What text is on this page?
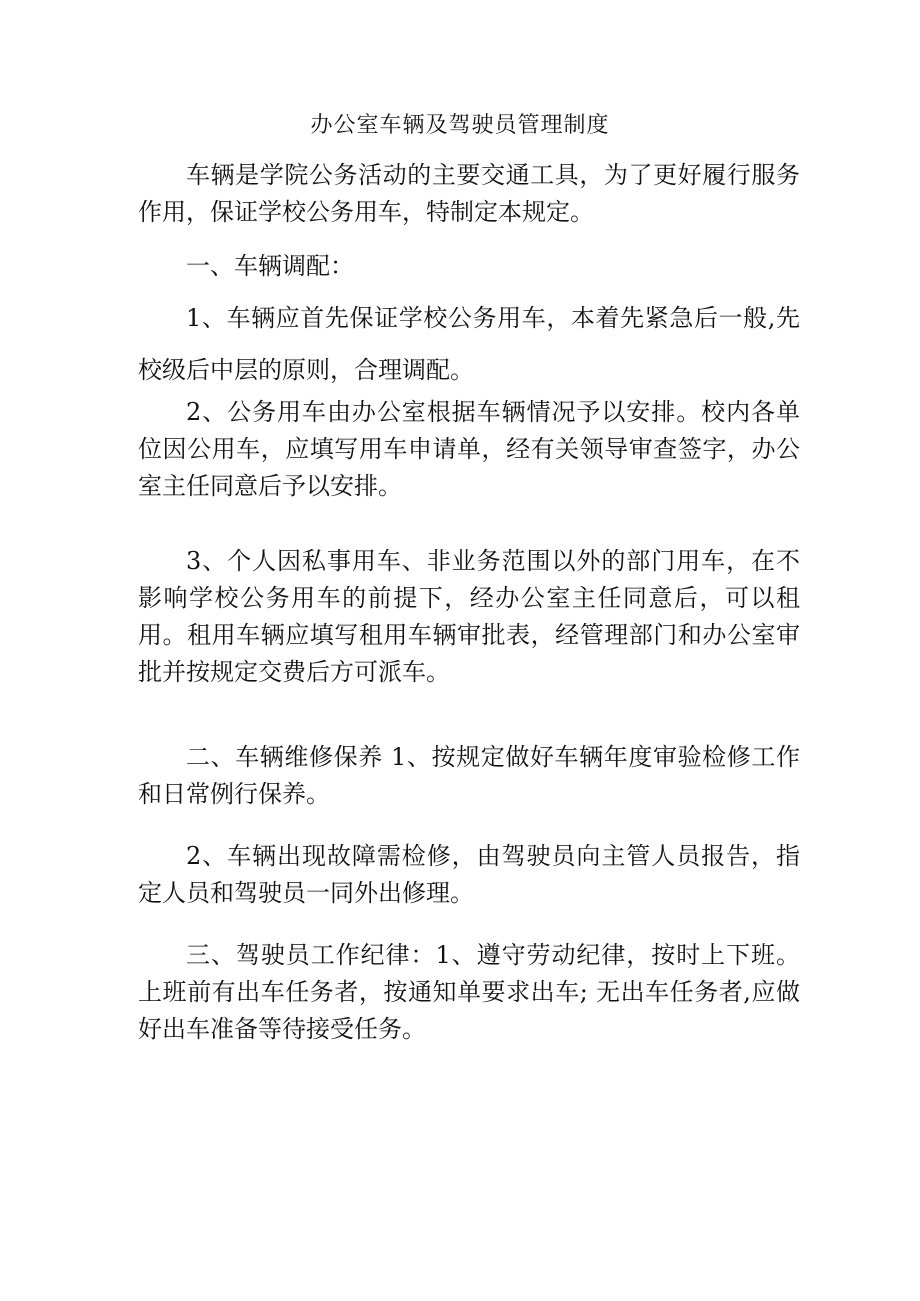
办公室车辆及驾驶员管理制度

车辆是学院公务活动的主要交通工具，为了更好履行服务作用，保证学校公务用车，特制定本规定。

一、车辆调配：

1、车辆应首先保证学校公务用车，本着先紧急后一般,先校级后中层的原则，合理调配。

2、公务用车由办公室根据车辆情况予以安排。校内各单位因公用车，应填写用车申请单，经有关领导审查签字，办公室主任同意后予以安排。

3、个人因私事用车、非业务范围以外的部门用车，在不影响学校公务用车的前提下，经办公室主任同意后，可以租用。租用车辆应填写租用车辆审批表，经管理部门和办公室审批并按规定交费后方可派车。

二、车辆维修保养 1、按规定做好车辆年度审验检修工作和日常例行保养。

2、车辆出现故障需检修，由驾驶员向主管人员报告，指定人员和驾驶员一同外出修理。

三、驾驶员工作纪律：1、遵守劳动纪律，按时上下班。上班前有出车任务者，按通知单要求出车; 无出车任务者,应做好出车准备等待接受任务。
